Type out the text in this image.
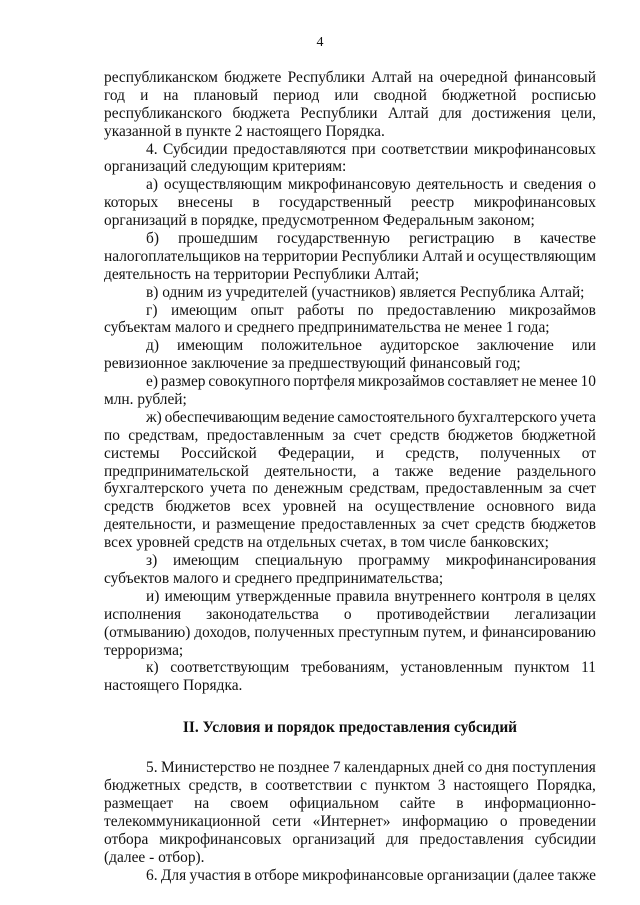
4
республиканском бюджете Республики Алтай на очередной финансовый
год и на плановый период или сводной бюджетной росписью
республиканского бюджета Республики Алтай для достижения цели,
указанной в пункте 2 настоящего Порядка.
4. Субсидии предоставляются при соответствии микрофинансовых
организаций следующим критериям:
а) осуществляющим микрофинансовую деятельность и сведения о
которых внесены в государственный реестр микрофинансовых
организаций в порядке, предусмотренном Федеральным законом;
б) прошедшим государственную регистрацию в качестве
налогоплательщиков на территории Республики Алтай и осуществляющим
деятельность на территории Республики Алтай;
в) одним из учредителей (участников) является Республика Алтай;
г) имеющим опыт работы по предоставлению микрозаймов
субъектам малого и среднего предпринимательства не менее 1 года;
д) имеющим положительное аудиторское заключение или
ревизионное заключение за предшествующий финансовый год;
е) размер совокупного портфеля микрозаймов составляет не менее 10
млн. рублей;
ж) обеспечивающим ведение самостоятельного бухгалтерского учета
по средствам, предоставленным за счет средств бюджетов бюджетной
системы Российской Федерации, и средств, полученных от
предпринимательской деятельности, а также ведение раздельного
бухгалтерского учета по денежным средствам, предоставленным за счет
средств бюджетов всех уровней на осуществление основного вида
деятельности, и размещение предоставленных за счет средств бюджетов
всех уровней средств на отдельных счетах, в том числе банковских;
з) имеющим специальную программу микрофинансирования
субъектов малого и среднего предпринимательства;
и) имеющим утвержденные правила внутреннего контроля в целях
исполнения законодательства о противодействии легализации
(отмыванию) доходов, полученных преступным путем, и финансированию
терроризма;
к) соответствующим требованиям, установленным пунктом 11
настоящего Порядка.
II. Условия и порядок предоставления субсидий
5. Министерство не позднее 7 календарных дней со дня поступления
бюджетных средств, в соответствии с пунктом 3 настоящего Порядка,
размещает на своем официальном сайте в информационно-
телекоммуникационной сети «Интернет» информацию о проведении
отбора микрофинансовых организаций для предоставления субсидии
(далее - отбор).
6. Для участия в отборе микрофинансовые организации (далее также
